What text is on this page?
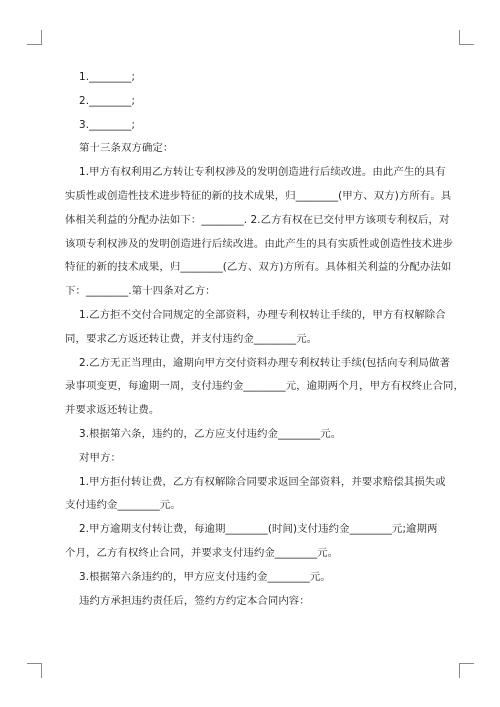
1.________;
2.________;
3.________;
第十三条双方确定：
1.甲方有权利用乙方转让专利权涉及的发明创造进行后续改进。由此产生的具有
实质性或创造性技术进步特征的新的技术成果，归________(甲方、双方)方所有。具
体相关利益的分配办法如下：________. 2.乙方有权在已交付甲方该项专利权后，对
该项专利权涉及的发明创造进行后续改进。由此产生的具有实质性或创造性技术进步
特征的新的技术成果，归________(乙方、双方)方所有。具体相关利益的分配办法如
下：________.第十四条对乙方：
1.乙方拒不交付合同规定的全部资料，办理专利权转让手续的，甲方有权解除合
同，要求乙方返还转让费，并支付违约金________元。
2.乙方无正当理由，逾期向甲方交付资料办理专利权转让手续(包括向专利局做著
录事项变更，每逾期一周，支付违约金________元，逾期两个月，甲方有权终止合同，
并要求返还转让费。
3.根据第六条，违约的，乙方应支付违约金________元。
对甲方：
1.甲方拒付转让费，乙方有权解除合同要求返回全部资料，并要求赔偿其损失或
支付违约金________元。
2.甲方逾期支付转让费，每逾期________(时间)支付违约金________元;逾期两
个月，乙方有权终止合同，并要求支付违约金________元。
3.根据第六条违约的，甲方应支付违约金________元。
违约方承担违约责任后，签约方约定本合同内容：
